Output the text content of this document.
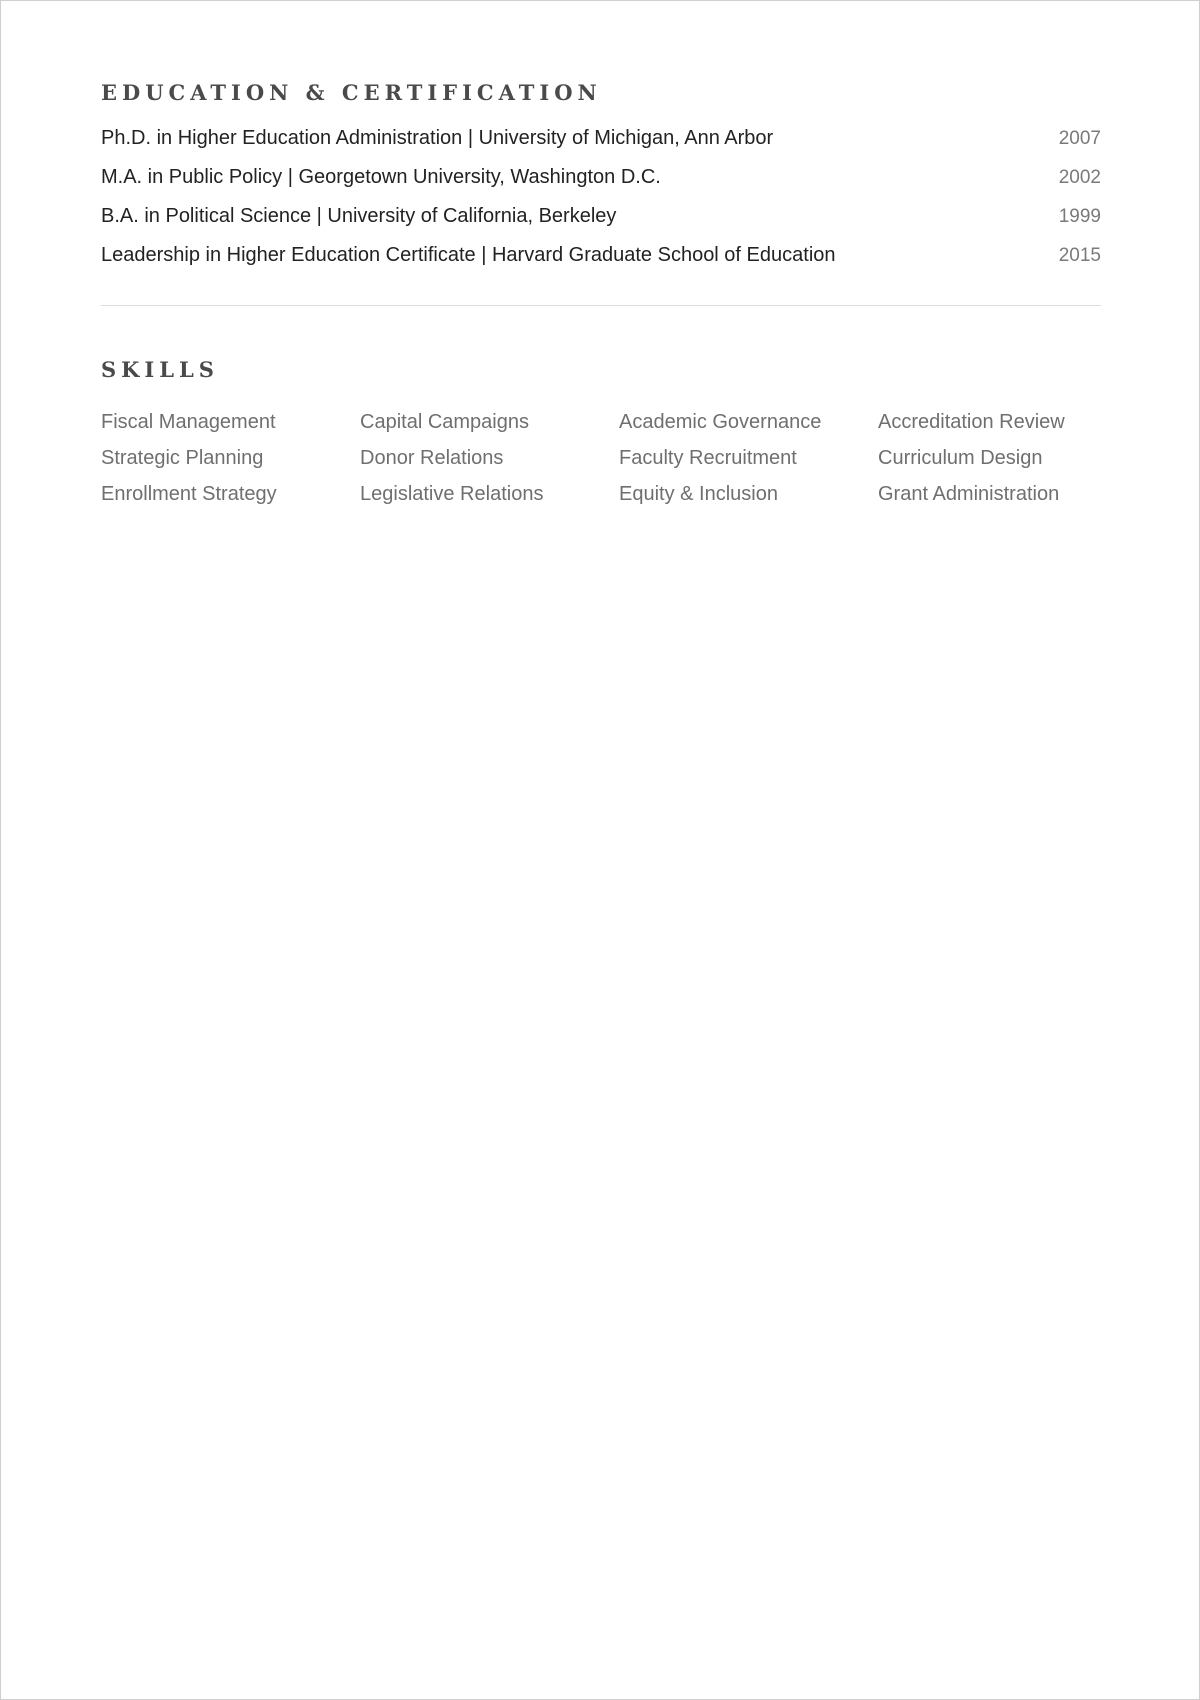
EDUCATION & CERTIFICATION
Ph.D. in Higher Education Administration | University of Michigan, Ann Arbor	2007
M.A. in Public Policy | Georgetown University, Washington D.C.	2002
B.A. in Political Science | University of California, Berkeley	1999
Leadership in Higher Education Certificate | Harvard Graduate School of Education	2015
SKILLS
Fiscal Management	Capital Campaigns	Academic Governance	Accreditation Review
Strategic Planning	Donor Relations	Faculty Recruitment	Curriculum Design
Enrollment Strategy	Legislative Relations	Equity & Inclusion	Grant Administration
